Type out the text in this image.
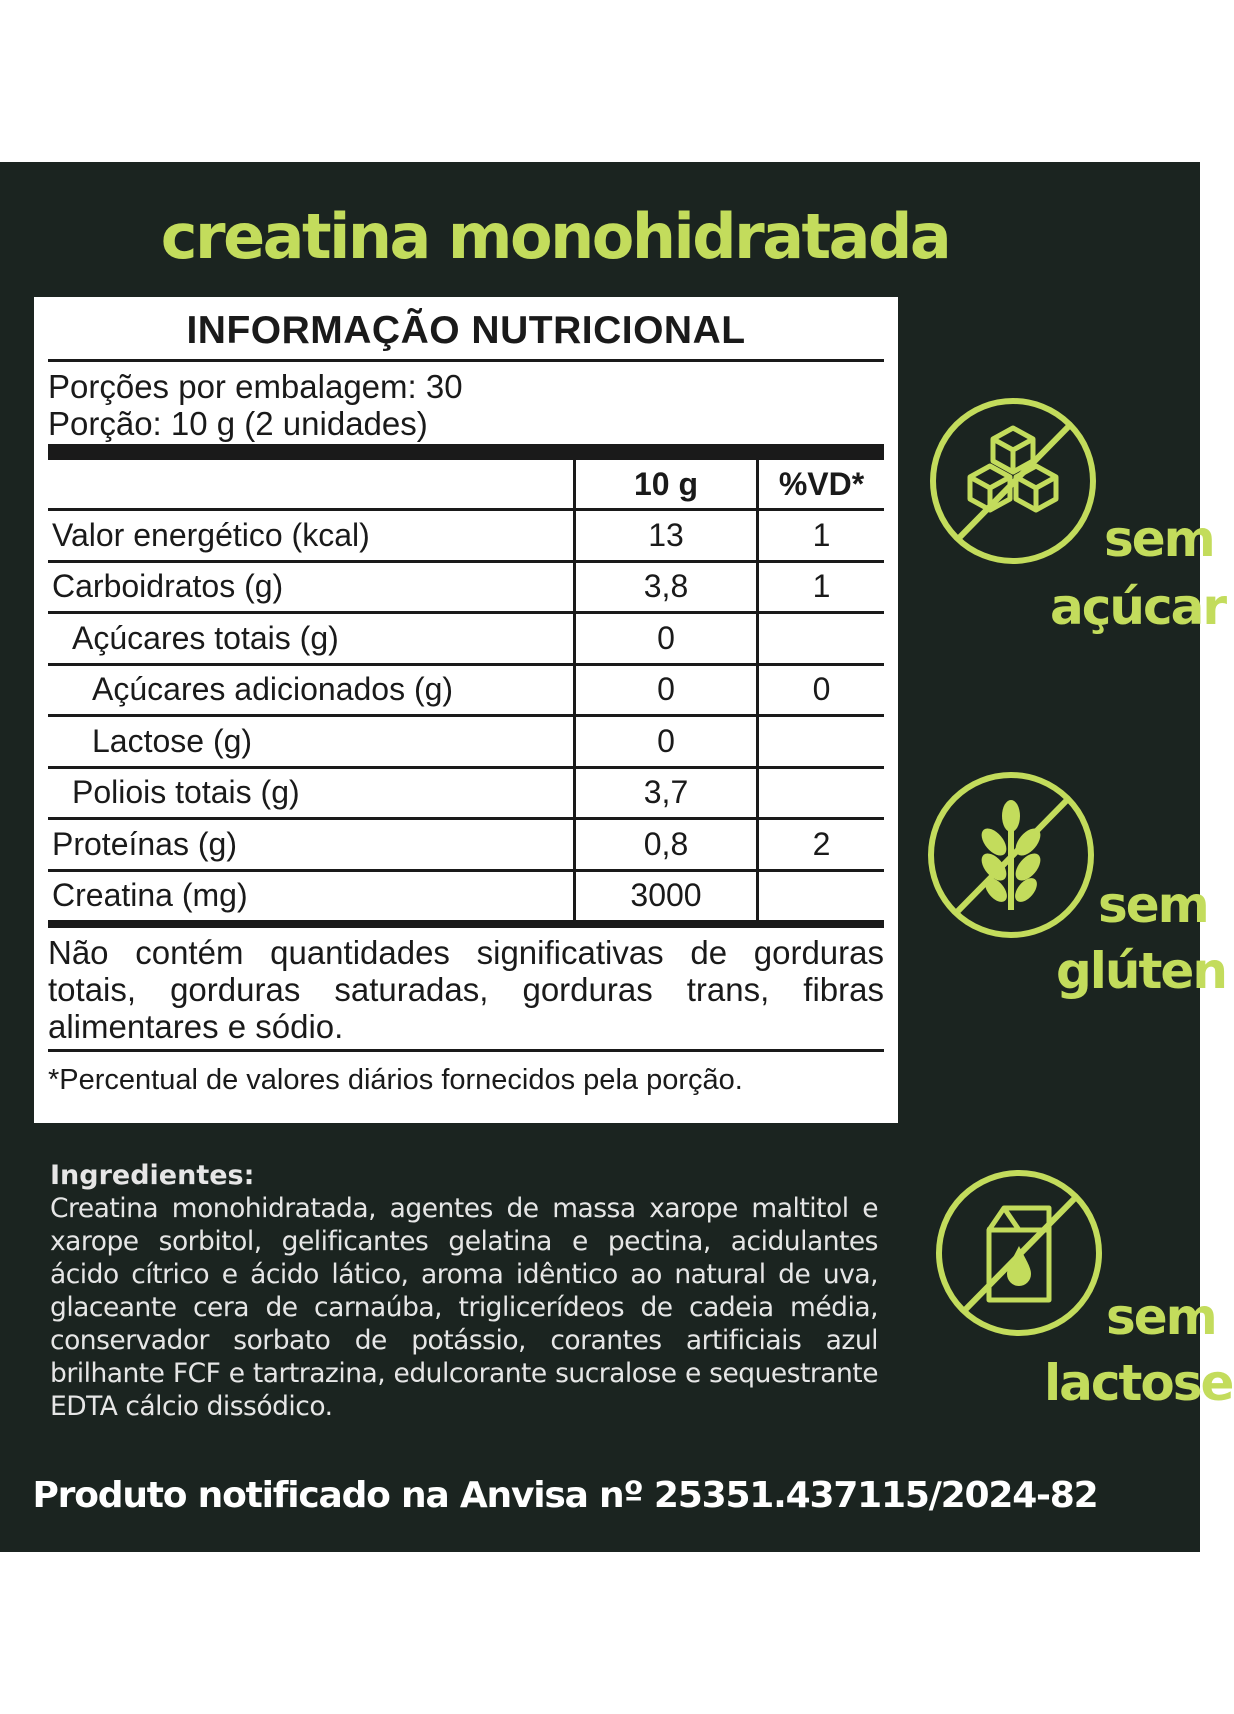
creatina monohidratada
INFORMAÇÃO NUTRICIONAL
Porções por embalagem: 30
Porção: 10 g (2 unidades)
	10 g	%VD*
Valor energético (kcal)	13	1
Carboidratos (g)	3,8	1
Açúcares totais (g)	0	
Açúcares adicionados (g)	0	0
Lactose (g)	0	
Poliois totais (g)	3,7	
Proteínas (g)	0,8	2
Creatina (mg)	3000	
Não contém quantidades significativas de gorduras totais, gorduras saturadas, gorduras trans, fibras alimentares e sódio.
*Percentual de valores diários fornecidos pela porção.
Ingredientes:
Creatina monohidratada, agentes de massa xarope maltitol e xarope sorbitol, gelificantes gelatina e pectina, acidulantes ácido cítrico e ácido lático, aroma idêntico ao natural de uva, glaceante cera de carnaúba, triglicerídeos de cadeia média, conservador sorbato de potássio, corantes artificiais azul brilhante FCF e tartrazina, edulcorante sucralose e sequestrante EDTA cálcio dissódico.
Produto notificado na Anvisa nº 25351.437115/2024-82
sem
açúcar
sem
glúten
sem
lactose
